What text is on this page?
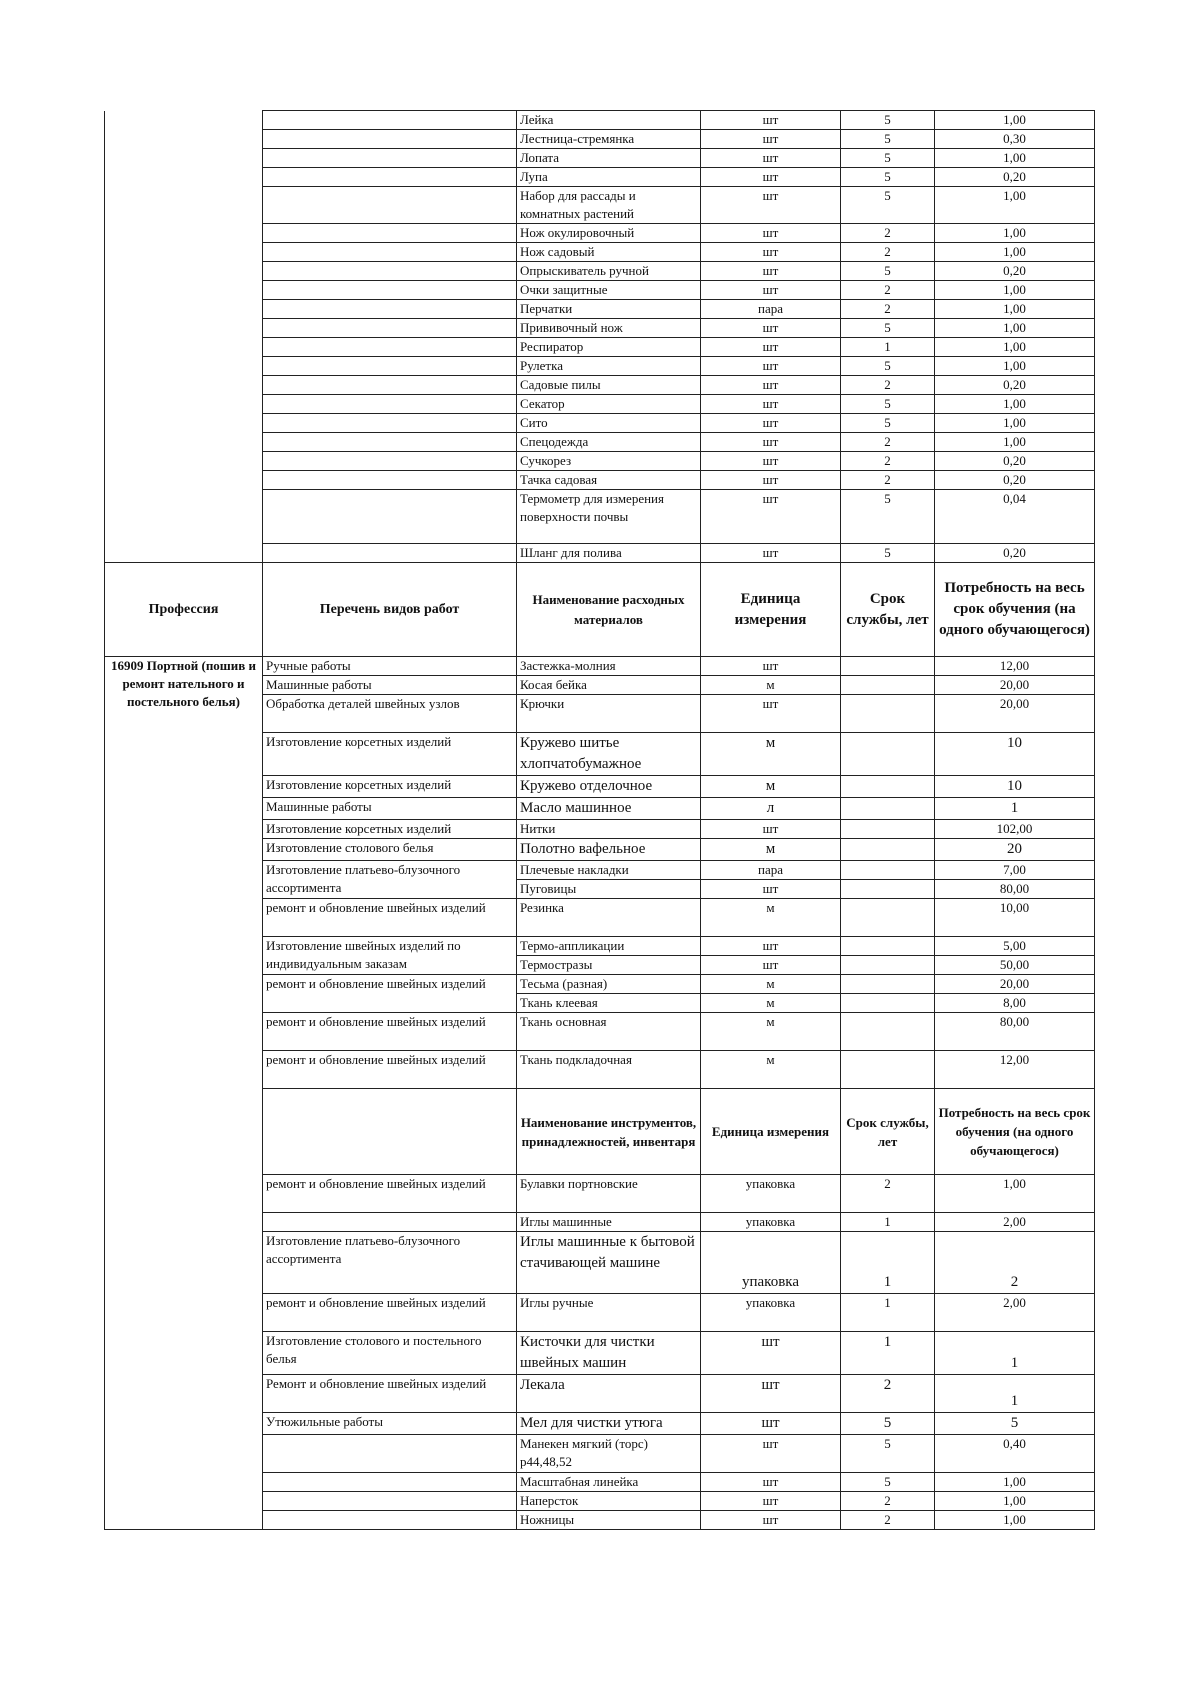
		Лейка	шт	5	1,00
		Лестница-стремянка	шт	5	0,30
		Лопата	шт	5	1,00
		Лупа	шт	5	0,20
		Набор для рассады и комнатных растений	шт	5	1,00
		Нож окулировочный	шт	2	1,00
		Нож садовый	шт	2	1,00
		Опрыскиватель ручной	шт	5	0,20
		Очки защитные	шт	2	1,00
		Перчатки	пара	2	1,00
		Прививочный нож	шт	5	1,00
		Респиратор	шт	1	1,00
		Рулетка	шт	5	1,00
		Садовые пилы	шт	2	0,20
		Секатор	шт	5	1,00
		Сито	шт	5	1,00
		Спецодежда	шт	2	1,00
		Сучкорез	шт	2	0,20
		Тачка садовая	шт	2	0,20
		Термометр для измерения поверхности почвы	шт	5	0,04
		Шланг для полива	шт	5	0,20
Профессия	Перечень видов работ	Наименование расходных материалов	Единица измерения	Срок службы, лет	Потребность на весь срок обучения (на одного обучающегося)
16909 Портной (пошив и ремонт нательного и постельного белья)	Ручные работы	Застежка-молния	шт		12,00
	Машинные работы	Косая бейка	м		20,00
	Обработка деталей швейных узлов	Крючки	шт		20,00
	Изготовление корсетных изделий	Кружево шитье хлопчатобумажное	м		10
	Изготовление корсетных изделий	Кружево отделочное	м		10
	Машинные работы	Масло машинное	л		1
	Изготовление корсетных изделий	Нитки	шт		102,00
	Изготовление столового белья	Полотно вафельное	м		20
	Изготовление платьево-блузочного ассортимента	Плечевые накладки	пара		7,00
		Пуговицы	шт		80,00
	ремонт и обновление швейных изделий	Резинка	м		10,00
	Изготовление швейных изделий по индивидуальным заказам	Термо-аппликации	шт		5,00
		Термостразы	шт		50,00
	ремонт и обновление швейных изделий	Тесьма (разная)	м		20,00
		Ткань клеевая	м		8,00
	ремонт и обновление швейных изделий	Ткань основная	м		80,00
	ремонт и обновление швейных изделий	Ткань подкладочная	м		12,00
		Наименование инструментов, принадлежностей, инвентаря	Единица измерения	Срок службы, лет	Потребность на весь срок обучения (на одного обучающегося)
	ремонт и обновление швейных изделий	Булавки портновские	упаковка	2	1,00
		Иглы машинные	упаковка	1	2,00
	Изготовление платьево-блузочного ассортимента	Иглы машинные к бытовой стачивающей машине	упаковка	1	2
	ремонт и обновление швейных изделий	Иглы ручные	упаковка	1	2,00
	Изготовление столового и постельного белья	Кисточки для чистки швейных машин	шт	1	1
	Ремонт и обновление швейных изделий	Лекала	шт	2	1
	Утюжильные работы	Мел для чистки утюга	шт	5	5
		Манекен мягкий (торс) р44,48,52	шт	5	0,40
		Масштабная линейка	шт	5	1,00
		Наперсток	шт	2	1,00
		Ножницы	шт	2	1,00
